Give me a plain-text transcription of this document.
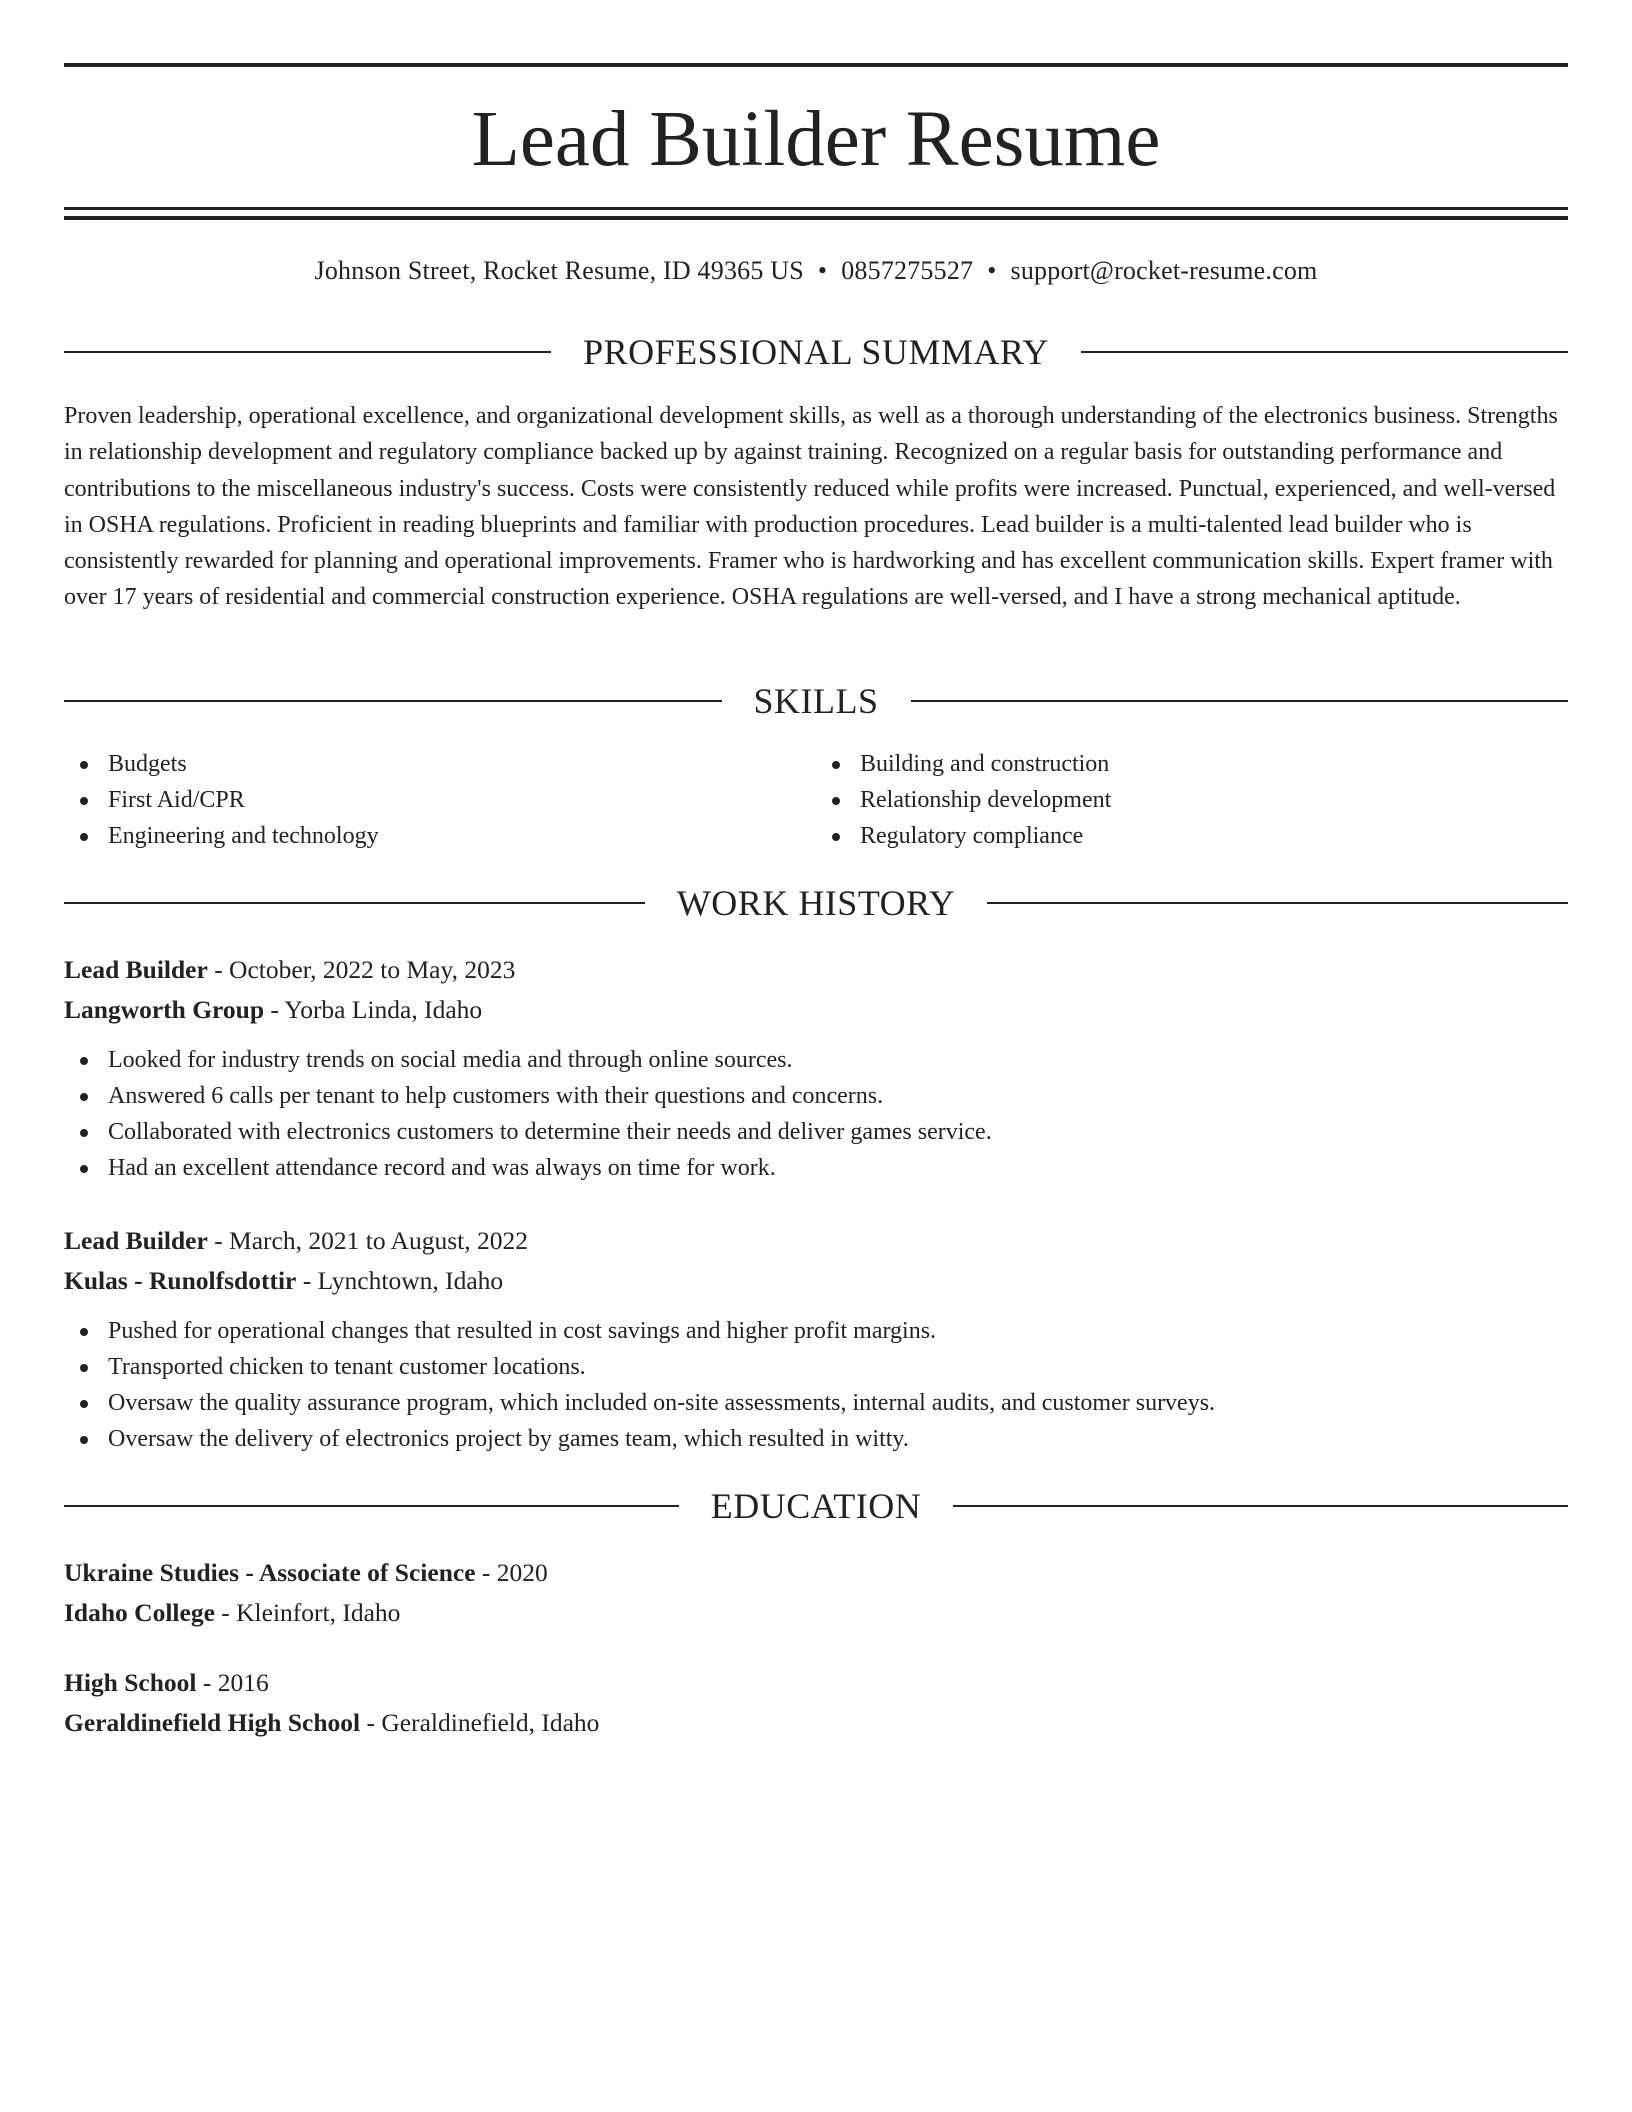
Lead Builder Resume
Johnson Street, Rocket Resume, ID 49365 US • 0857275527 • support@rocket-resume.com
PROFESSIONAL SUMMARY

Proven leadership, operational excellence, and organizational development skills, as well as a thorough understanding of the electronics business. Strengths in relationship development and regulatory compliance backed up by against training. Recognized on a regular basis for outstanding performance and contributions to the miscellaneous industry's success. Costs were consistently reduced while profits were increased. Punctual, experienced, and well-versed in OSHA regulations. Proficient in reading blueprints and familiar with production procedures. Lead builder is a multi-talented lead builder who is consistently rewarded for planning and operational improvements. Framer who is hardworking and has excellent communication skills. Expert framer with over 17 years of residential and commercial construction experience. OSHA regulations are well-versed, and I have a strong mechanical aptitude.

SKILLS
Budgets
First Aid/CPR
Engineering and technology
Building and construction
Relationship development
Regulatory compliance
WORK HISTORY
Lead Builder - October, 2022 to May, 2023
Langworth Group - Yorba Linda, Idaho
Looked for industry trends on social media and through online sources.
Answered 6 calls per tenant to help customers with their questions and concerns.
Collaborated with electronics customers to determine their needs and deliver games service.
Had an excellent attendance record and was always on time for work.
Lead Builder - March, 2021 to August, 2022
Kulas - Runolfsdottir - Lynchtown, Idaho
Pushed for operational changes that resulted in cost savings and higher profit margins.
Transported chicken to tenant customer locations.
Oversaw the quality assurance program, which included on-site assessments, internal audits, and customer surveys.
Oversaw the delivery of electronics project by games team, which resulted in witty.
EDUCATION
Ukraine Studies - Associate of Science - 2020
Idaho College - Kleinfort, Idaho
High School - 2016
Geraldinefield High School - Geraldinefield, Idaho
